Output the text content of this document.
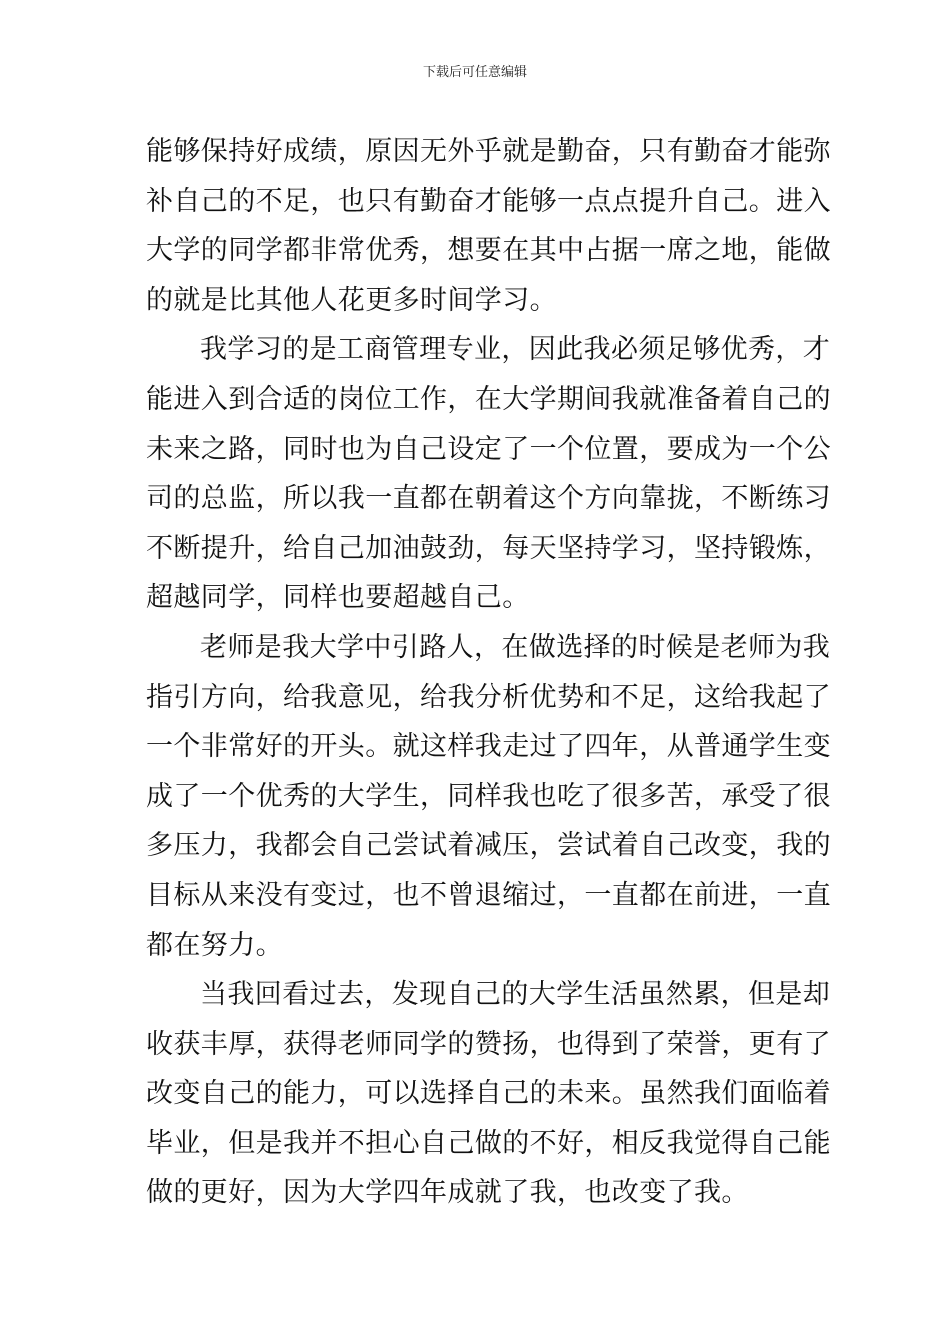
下载后可任意编辑
能够保持好成绩，原因无外乎就是勤奋，只有勤奋才能弥
补自己的不足，也只有勤奋才能够一点点提升自己。进入
大学的同学都非常优秀，想要在其中占据一席之地，能做
的就是比其他人花更多时间学习。
我学习的是工商管理专业，因此我必须足够优秀，才
能进入到合适的岗位工作，在大学期间我就准备着自己的
未来之路，同时也为自己设定了一个位置，要成为一个公
司的总监，所以我一直都在朝着这个方向靠拢，不断练习
不断提升，给自己加油鼓劲，每天坚持学习，坚持锻炼，
超越同学，同样也要超越自己。
老师是我大学中引路人，在做选择的时候是老师为我
指引方向，给我意见，给我分析优势和不足，这给我起了
一个非常好的开头。就这样我走过了四年，从普通学生变
成了一个优秀的大学生，同样我也吃了很多苦，承受了很
多压力，我都会自己尝试着减压，尝试着自己改变，我的
目标从来没有变过，也不曾退缩过，一直都在前进，一直
都在努力。
当我回看过去，发现自己的大学生活虽然累，但是却
收获丰厚，获得老师同学的赞扬，也得到了荣誉，更有了
改变自己的能力，可以选择自己的未来。虽然我们面临着
毕业，但是我并不担心自己做的不好，相反我觉得自己能
做的更好，因为大学四年成就了我，也改变了我。
